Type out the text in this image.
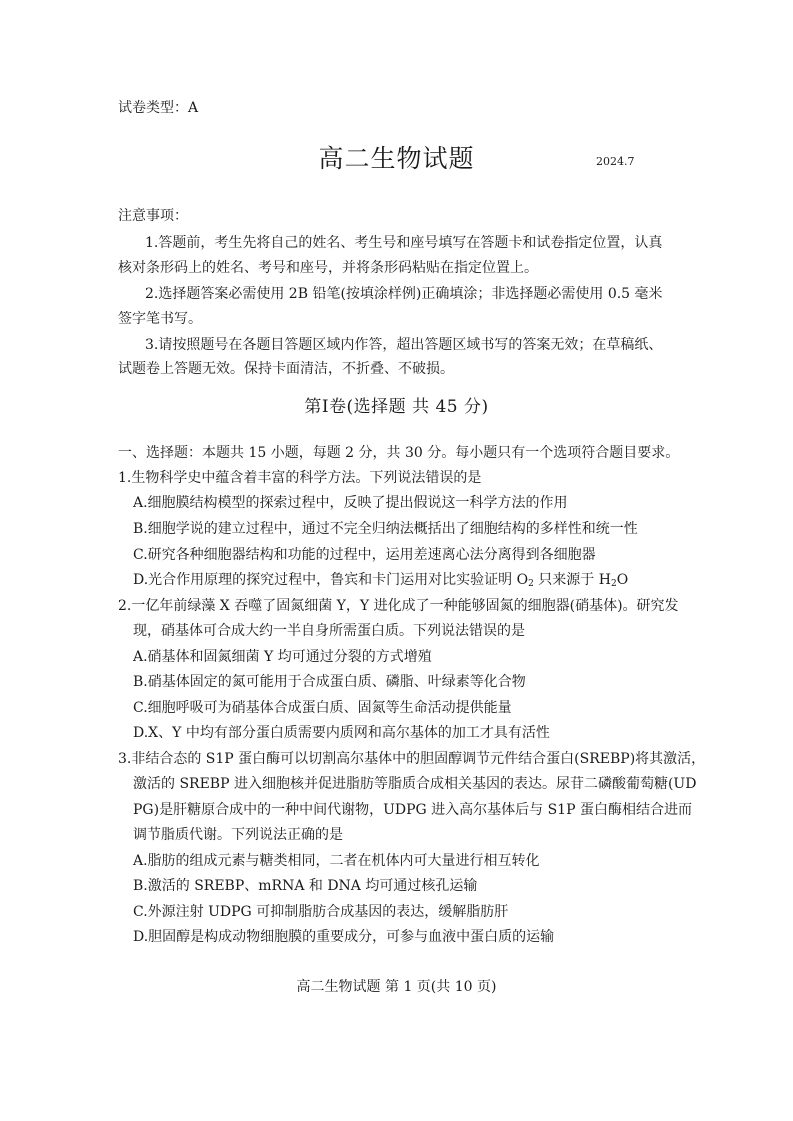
试卷类型：A
高二生物试题	2024.7
注意事项：
1.答题前，考生先将自己的姓名、考生号和座号填写在答题卡和试卷指定位置，认真
核对条形码上的姓名、考号和座号，并将条形码粘贴在指定位置上。
2.选择题答案必需使用 2B 铅笔(按填涂样例)正确填涂；非选择题必需使用 0.5 毫米
签字笔书写。
3.请按照题号在各题目答题区域内作答，超出答题区域书写的答案无效；在草稿纸、
试题卷上答题无效。保持卡面清洁，不折叠、不破损。
第Ⅰ卷(选择题 共 45 分)
一、选择题：本题共 15 小题，每题 2 分，共 30 分。每小题只有一个选项符合题目要求。
1.生物科学史中蕴含着丰富的科学方法。下列说法错误的是
A.细胞膜结构模型的探索过程中，反映了提出假说这一科学方法的作用
B.细胞学说的建立过程中，通过不完全归纳法概括出了细胞结构的多样性和统一性
C.研究各种细胞器结构和功能的过程中，运用差速离心法分离得到各细胞器
D.光合作用原理的探究过程中，鲁宾和卡门运用对比实验证明 $O_2$ 只来源于 $H_2O$
2.一亿年前绿藻 X 吞噬了固氮细菌 Y，Y 进化成了一种能够固氮的细胞器(硝基体)。研究发
现，硝基体可合成大约一半自身所需蛋白质。下列说法错误的是
A.硝基体和固氮细菌 Y 均可通过分裂的方式增殖
B.硝基体固定的氮可能用于合成蛋白质、磷脂、叶绿素等化合物
C.细胞呼吸可为硝基体合成蛋白质、固氮等生命活动提供能量
D.X、Y 中均有部分蛋白质需要内质网和高尔基体的加工才具有活性
3.非结合态的 S1P 蛋白酶可以切割高尔基体中的胆固醇调节元件结合蛋白(SREBP)将其激活，
激活的 SREBP 进入细胞核并促进脂肪等脂质合成相关基因的表达。尿苷二磷酸葡萄糖(UD
PG)是肝糖原合成中的一种中间代谢物，UDPG 进入高尔基体后与 S1P 蛋白酶相结合进而
调节脂质代谢。下列说法正确的是
A.脂肪的组成元素与糖类相同，二者在机体内可大量进行相互转化
B.激活的 SREBP、mRNA 和 DNA 均可通过核孔运输
C.外源注射 UDPG 可抑制脂肪合成基因的表达，缓解脂肪肝
D.胆固醇是构成动物细胞膜的重要成分，可参与血液中蛋白质的运输
高二生物试题 第 1 页(共 10 页)
